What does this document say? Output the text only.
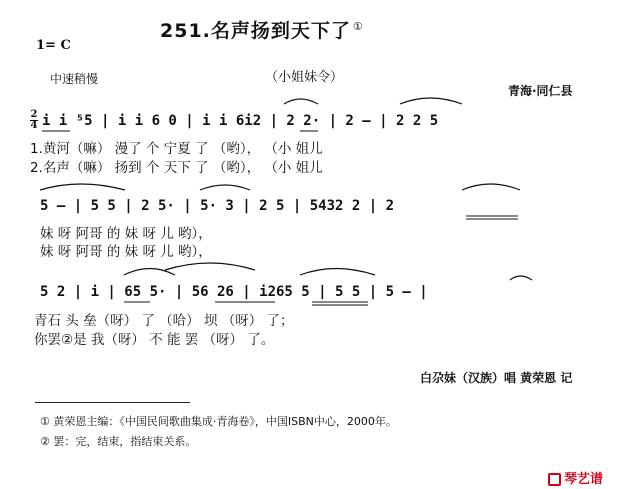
251.名声扬到天下了 ①
1= C
中速稍慢	（小姐妹令）
青海·同仁县
2
4 i i ⁵5 | i i 6 0 | i i 6i2 | 2 2· | 2 – | 2 2 5
1.黄河（嘛） 漫了 个 宁夏 了 （哟）， （小 姐儿
2.名声（嘛） 扬到 个 天下 了 （哟）， （小 姐儿
5 – | 5 5 | 2 5· | 5· 3 | 2 5 | 5432 2 | 2
妹 呀 阿哥 的 妹 呀 儿 哟），
妹 呀 阿哥 的 妹 呀 儿 哟），
5 2 | i | 65 5· | 56 26 | i265 5 | 5 5 | 5 – |
青石 头 垒（呀） 了 （哈） 坝 （呀） 了；
你罢②是 我（呀） 不 能 罢 （呀） 了。
白尕妹（汉族）唱 黄荣恩 记
① 黄荣恩主编：《中国民间歌曲集成·青海卷》，中国ISBN中心，2000年。
② 罢：完，结束，指结束关系。
琴艺谱
